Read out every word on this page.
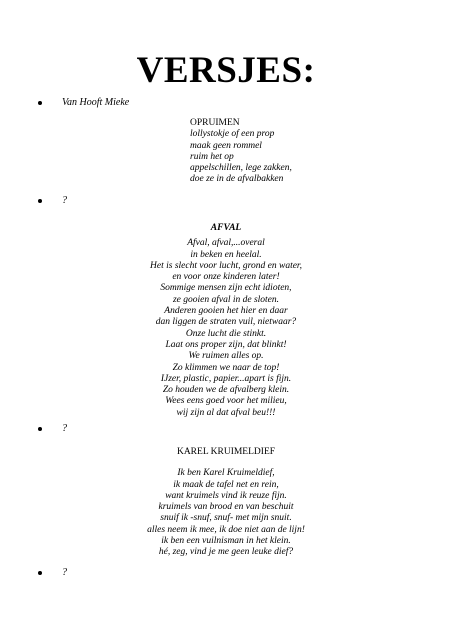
VERSJES:
Van Hooft Mieke
OPRUIMEN
lollystokje of een prop
maak geen rommel
ruim het op
appelschillen, lege zakken,
doe ze in de afvalbakken
?
AFVAL
Afval, afval,...overal
in beken en heelal.
Het is slecht voor lucht, grond en water,
en voor onze kinderen later!
Sommige mensen zijn echt idioten,
ze gooien afval in de sloten.
Anderen gooien het hier en daar
dan liggen de straten vuil, nietwaar?
Onze lucht die stinkt.
Laat ons proper zijn, dat blinkt!
We ruimen alles op.
Zo klimmen we naar de top!
IJzer, plastic, papier...apart is fijn.
Zo houden we de afvalberg klein.
Wees eens goed voor het milieu,
wij zijn al dat afval beu!!!
?
KAREL KRUIMELDIEF
Ik ben Karel Kruimeldief,
ik maak de tafel net en rein,
want kruimels vind ik reuze fijn.
kruimels van brood en van beschuit
snuif ik -snuf, snuf- met mijn snuit.
alles neem ik mee, ik doe niet aan de lijn!
ik ben een vuilnisman in het klein.
hé, zeg, vind je me geen leuke dief?
?
